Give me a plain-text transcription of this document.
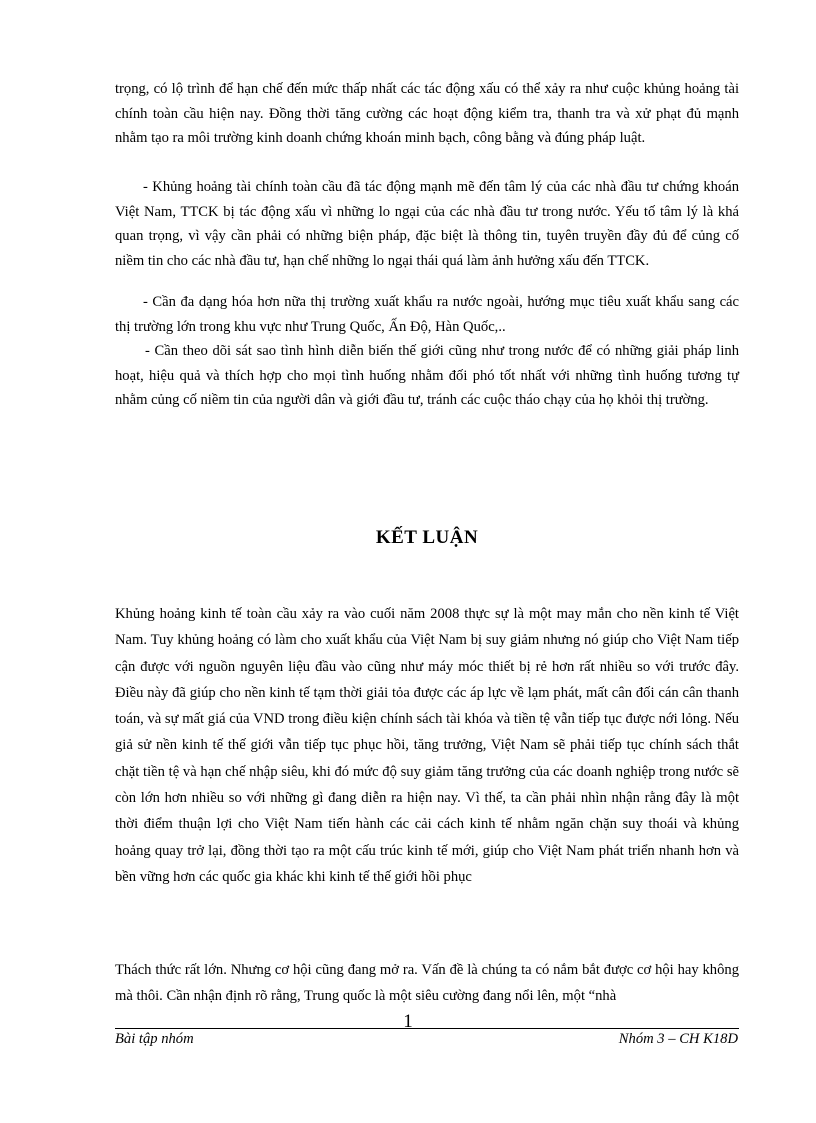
trọng, có lộ trình để hạn chế đến mức thấp nhất các tác động xấu có thể xảy ra như cuộc khủng hoảng tài chính toàn cầu hiện nay. Đồng thời tăng cường các hoạt động kiểm tra, thanh tra và xử phạt đủ mạnh nhằm tạo ra môi trường kinh doanh chứng khoán minh bạch, công bằng và đúng pháp luật.

- Khủng hoảng tài chính toàn cầu đã tác động mạnh mẽ đến tâm lý của các nhà đầu tư chứng khoán Việt Nam, TTCK bị tác động xấu vì những lo ngại của các nhà đầu tư trong nước. Yếu tố tâm lý là khá quan trọng, vì vậy cần phải có những biện pháp, đặc biệt là thông tin, tuyên truyền đầy đủ để củng cố niềm tin cho các nhà đầu tư, hạn chế những lo ngại thái quá làm ảnh hưởng xấu đến TTCK.

- Cần đa dạng hóa hơn nữa thị trường xuất khẩu ra nước ngoài, hướng mục tiêu xuất khẩu sang các thị trường lớn trong khu vực như Trung Quốc, Ấn Độ, Hàn Quốc,..

- Cần theo dõi sát sao tình hình diễn biến thế giới cũng như trong nước để có những giải pháp linh hoạt, hiệu quả và thích hợp cho mọi tình huống nhằm đối phó tốt nhất với những tình huống tương tự nhằm củng cố niềm tin của người dân và giới đầu tư, tránh các cuộc tháo chạy của họ khỏi thị trường.

KẾT LUẬN

Khủng hoảng kinh tế toàn cầu xảy ra vào cuối năm 2008 thực sự là một may mắn cho nền kinh tế Việt Nam. Tuy khủng hoảng có làm cho xuất khẩu của Việt Nam bị suy giảm nhưng nó giúp cho Việt Nam tiếp cận được với nguồn nguyên liệu đầu vào cũng như máy móc thiết bị rẻ hơn rất nhiều so với trước đây. Điều này đã giúp cho nền kinh tế tạm thời giải tỏa được các áp lực về lạm phát, mất cân đối cán cân thanh toán, và sự mất giá của VND trong điều kiện chính sách tài khóa và tiền tệ vẫn tiếp tục được nới lỏng. Nếu giả sử nền kinh tế thế giới vẫn tiếp tục phục hồi, tăng trưởng, Việt Nam sẽ phải tiếp tục chính sách thắt chặt tiền tệ và hạn chế nhập siêu, khi đó mức độ suy giảm tăng trưởng của các doanh nghiệp trong nước sẽ còn lớn hơn nhiều so với những gì đang diễn ra hiện nay. Vì thế, ta cần phải nhìn nhận rằng đây là một thời điểm thuận lợi cho Việt Nam tiến hành các cải cách kinh tế nhằm ngăn chặn suy thoái và khủng hoảng quay trở lại, đồng thời tạo ra một cấu trúc kinh tế mới, giúp cho Việt Nam phát triển nhanh hơn và bền vững hơn các quốc gia khác khi kinh tế thế giới hồi phục

Thách thức rất lớn. Nhưng cơ hội cũng đang mở ra. Vấn đề là chúng ta có nắm bắt được cơ hội hay không mà thôi. Cần nhận định rõ rằng, Trung quốc là một siêu cường đang nổi lên, một “nhà

1

Bài tập nhóm	Nhóm 3 – CH K18D
